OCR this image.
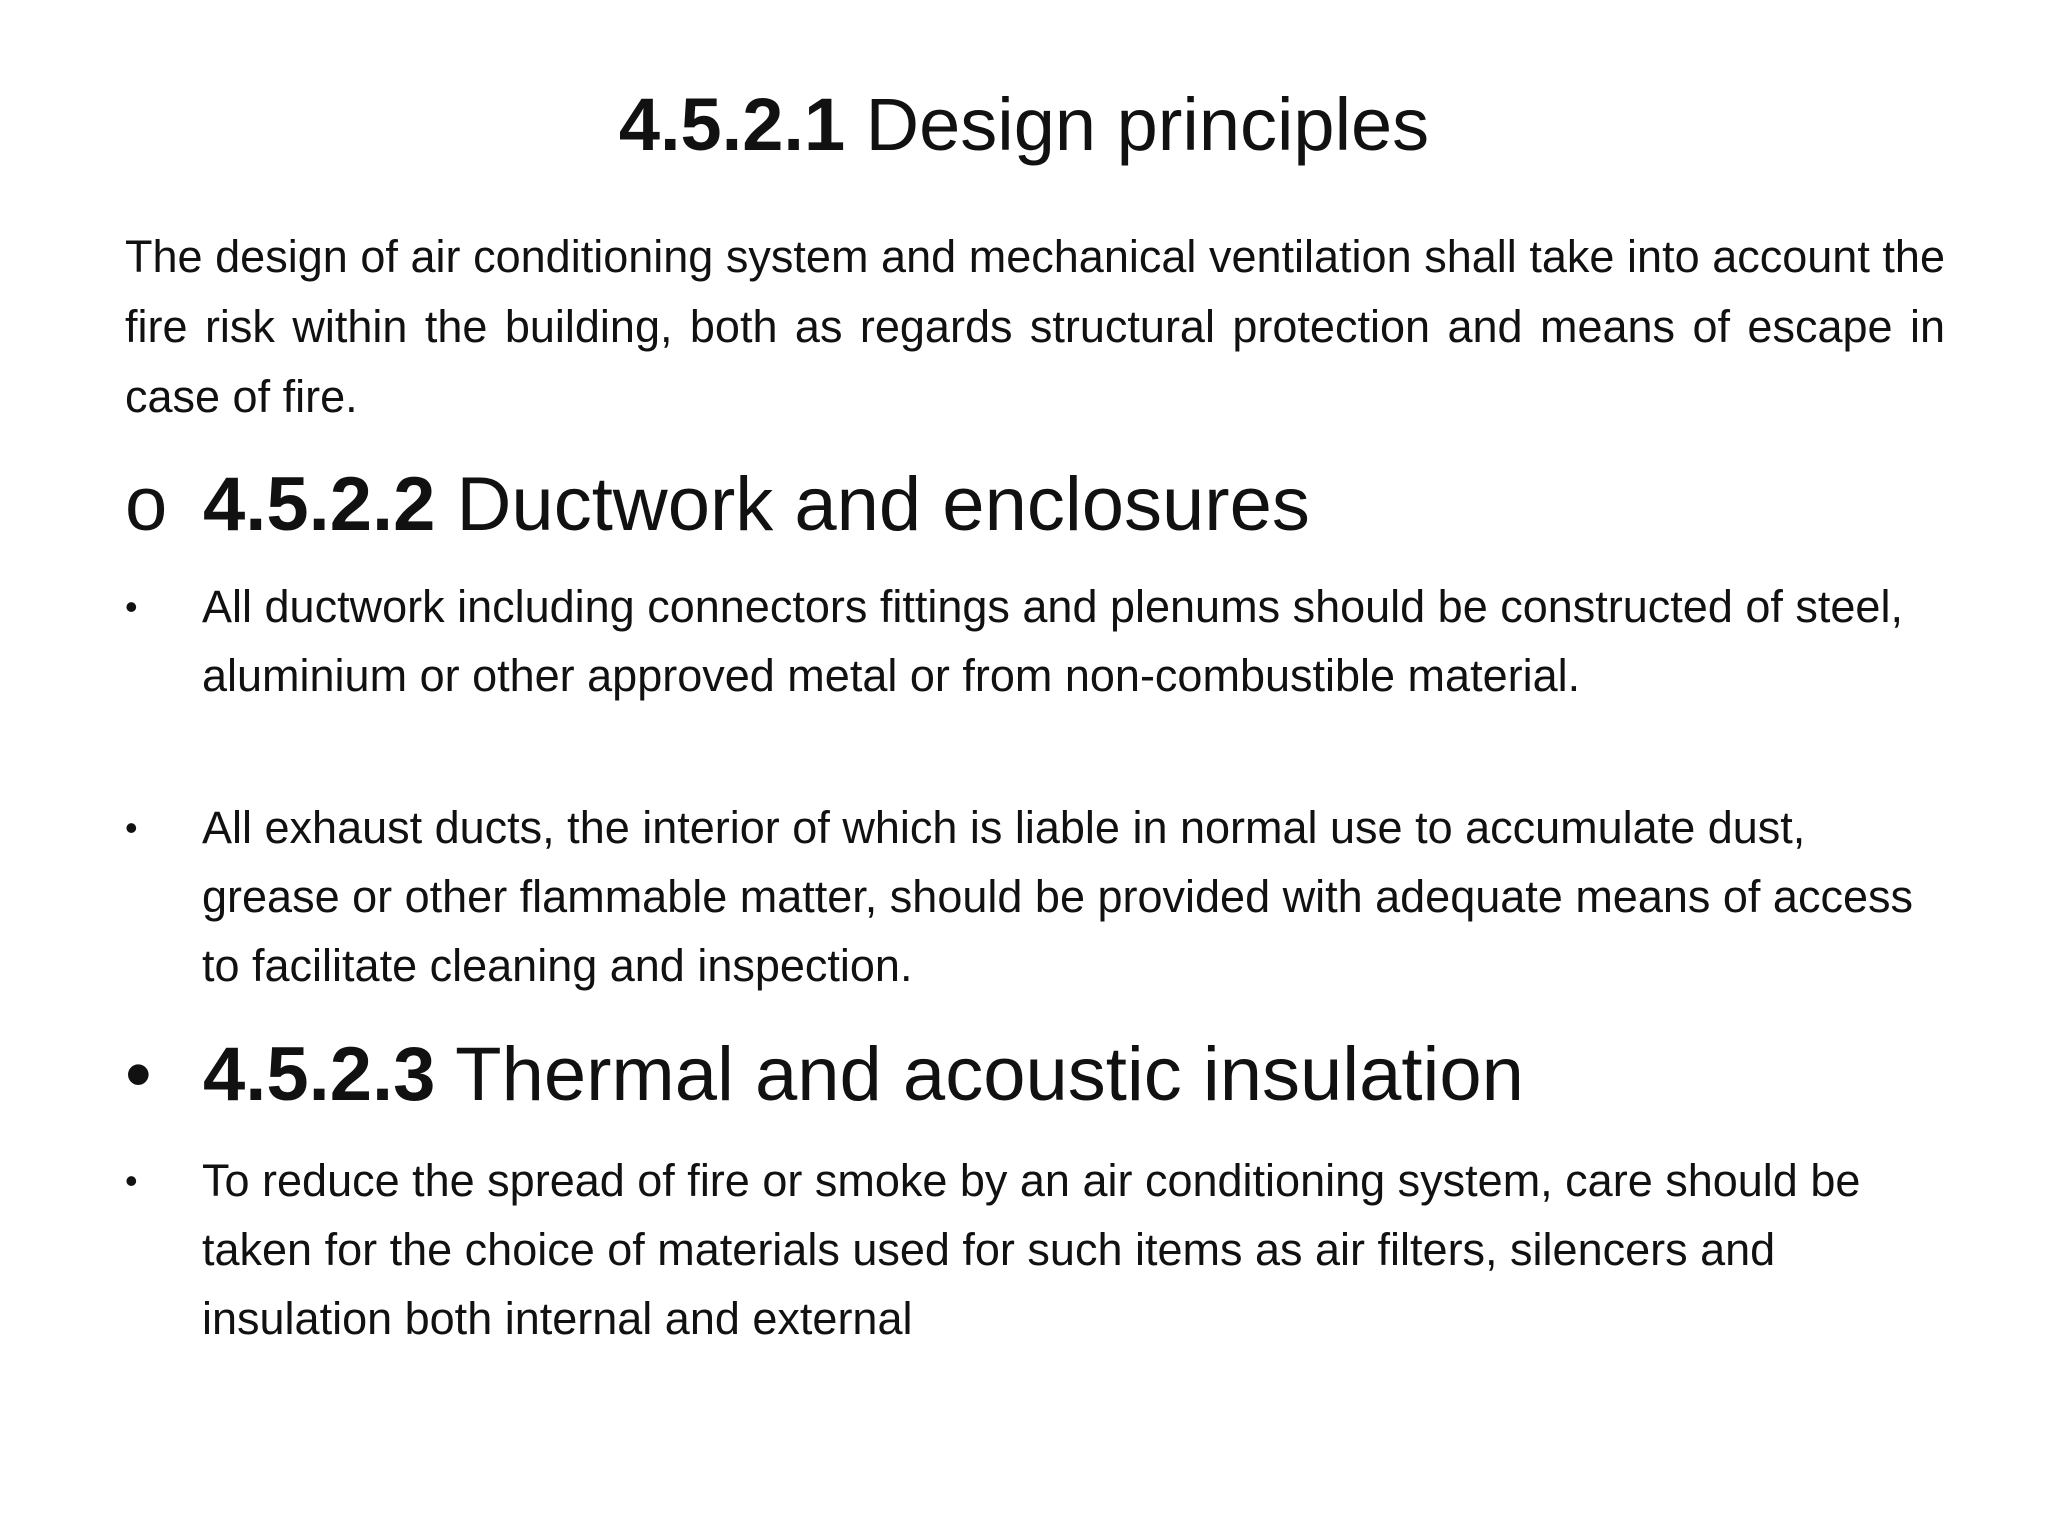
4.5.2.1 Design principles
The design of air conditioning system and mechanical ventilation shall take into account the fire risk within the building, both as regards structural protection and means of escape in case of fire.
o 4.5.2.2 Ductwork and enclosures
•	All ductwork including connectors fittings and plenums should be constructed of steel, aluminium or other approved metal or from non-combustible material.
•	All exhaust ducts, the interior of which is liable in normal use to accumulate dust, grease or other flammable matter, should be provided with adequate means of access to facilitate cleaning and inspection.
• 4.5.2.3 Thermal and acoustic insulation
•	To reduce the spread of fire or smoke by an air conditioning system, care should be taken for the choice of materials used for such items as air filters, silencers and insulation both internal and external
